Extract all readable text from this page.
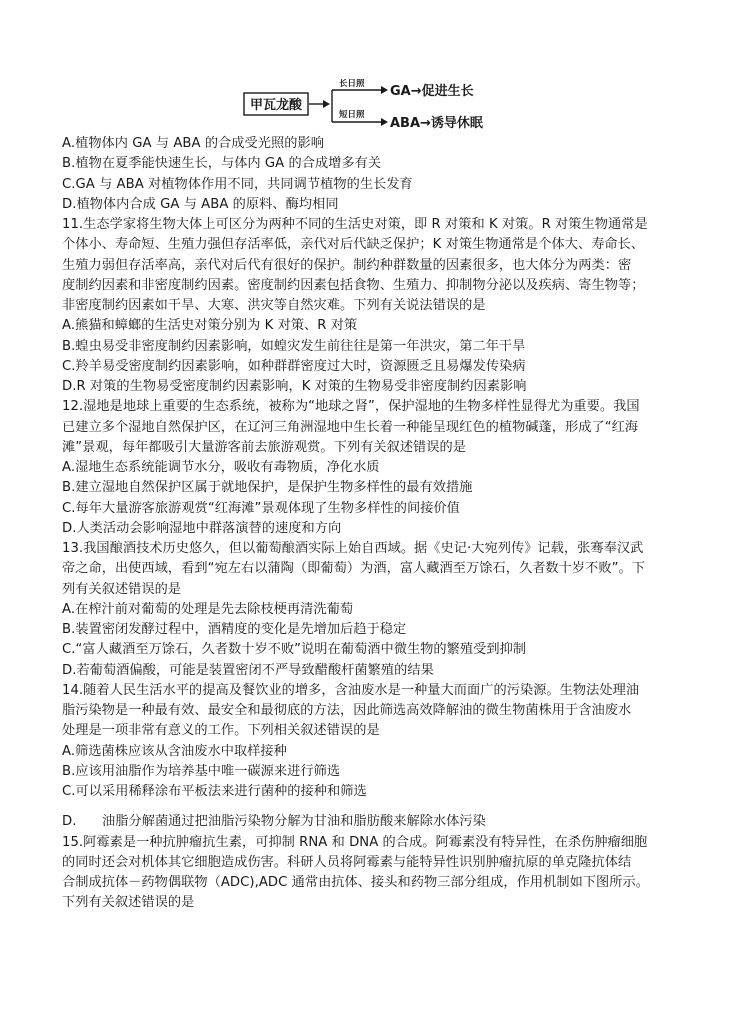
甲瓦龙酸
长日照 GA→促进生长
短日照
ABA→诱导休眠
A.植物体内 GA 与 ABA 的合成受光照的影响
B.植物在夏季能快速生长，与体内 GA 的合成增多有关
C.GA 与 ABA 对植物体作用不同，共同调节植物的生长发育
D.植物体内合成 GA 与 ABA 的原料、酶均相同
11.生态学家将生物大体上可区分为两种不同的生活史对策，即 R 对策和 K 对策。R 对策生物通常是
个体小、寿命短、生殖力强但存活率低，亲代对后代缺乏保护；K 对策生物通常是个体大、寿命长、
生殖力弱但存活率高，亲代对后代有很好的保护。制约种群数量的因素很多，也大体分为两类：密
度制约因素和非密度制约因素。密度制约因素包括食物、生殖力、抑制物分泌以及疾病、寄生物等；
非密度制约因素如干旱、大寒、洪灾等自然灾难。下列有关说法错误的是
A.熊猫和蟑螂的生活史对策分别为 K 对策、R 对策
B.蝗虫易受非密度制约因素影响，如蝗灾发生前往往是第一年洪灾，第二年干旱
C.羚羊易受密度制约因素影响，如种群群密度过大时，资源匮乏且易爆发传染病
D.R 对策的生物易受密度制约因素影响，K 对策的生物易受非密度制约因素影响
12.湿地是地球上重要的生态系统，被称为“地球之肾”，保护湿地的生物多样性显得尤为重要。我国
已建立多个湿地自然保护区，在辽河三角洲湿地中生长着一种能呈现红色的植物碱蓬，形成了“红海
滩”景观，每年都吸引大量游客前去旅游观赏。下列有关叙述错误的是
A.湿地生态系统能调节水分，吸收有毒物质，净化水质
B.建立湿地自然保护区属于就地保护，是保护生物多样性的最有效措施
C.每年大量游客旅游观赏“红海滩”景观体现了生物多样性的间接价值
D.人类活动会影响湿地中群落演替的速度和方向
13.我国酿酒技术历史悠久，但以葡萄酿酒实际上始自西域。据《史记·大宛列传》记载，张骞奉汉武
帝之命，出使西域，看到“宛左右以蒲陶（即葡萄）为酒，富人藏酒至万馀石，久者数十岁不败”。下
列有关叙述错误的是
A.在榨汁前对葡萄的处理是先去除枝梗再清洗葡萄
B.装置密闭发酵过程中，酒精度的变化是先增加后趋于稳定
C.“富人藏酒至万馀石，久者数十岁不败”说明在葡萄酒中微生物的繁殖受到抑制
D.若葡萄酒偏酸，可能是装置密闭不严导致醋酸杆菌繁殖的结果
14.随着人民生活水平的提高及餐饮业的增多，含油废水是一种量大而面广的污染源。生物法处理油
脂污染物是一种最有效、最安全和最彻底的方法，因此筛选高效降解油的微生物菌株用于含油废水
处理是一项非常有意义的工作。下列相关叙述错误的是
A.筛选菌株应该从含油废水中取样接种
B.应该用油脂作为培养基中唯一碳源来进行筛选
C.可以采用稀释涂布平板法来进行菌种的接种和筛选
D. 油脂分解菌通过把油脂污染物分解为甘油和脂肪酸来解除水体污染
15.阿霉素是一种抗肿瘤抗生素，可抑制 RNA 和 DNA 的合成。阿霉素没有特异性，在杀伤肿瘤细胞
的同时还会对机体其它细胞造成伤害。科研人员将阿霉素与能特异性识别肿瘤抗原的单克隆抗体结
合制成抗体－药物偶联物（ADC),ADC 通常由抗体、接头和药物三部分组成，作用机制如下图所示。
下列有关叙述错误的是
